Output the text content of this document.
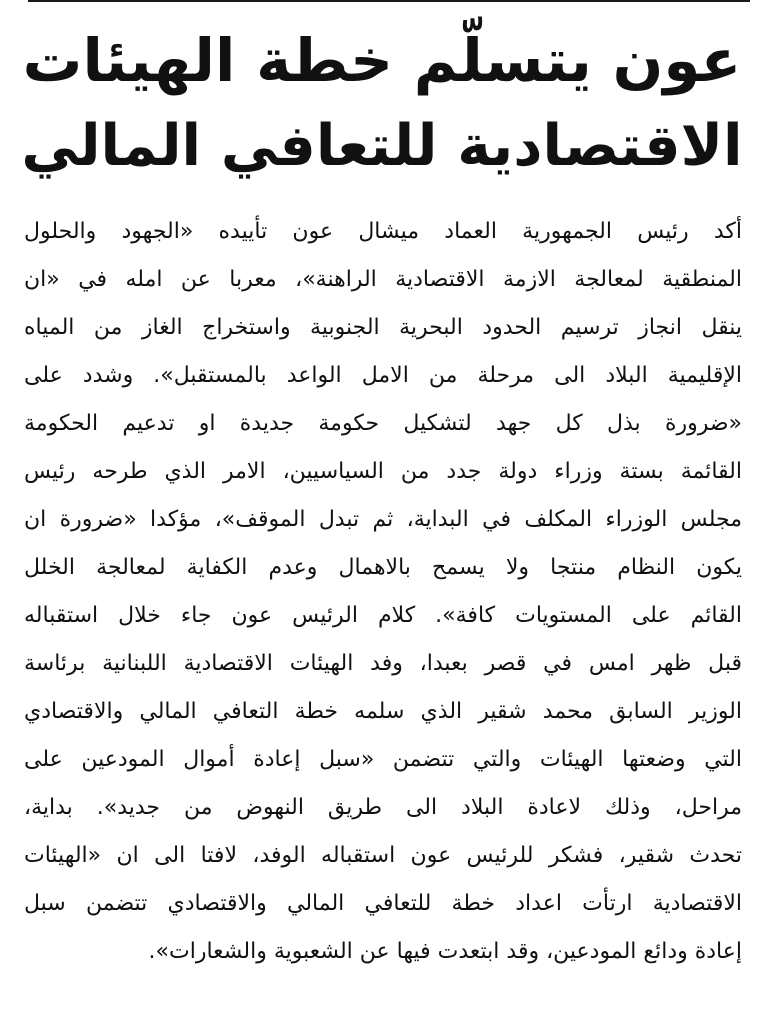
عون يتسلّم خطة الهيئات
الاقتصادية للتعافي المالي
أكد رئيس الجمهورية العماد ميشال عون تأييده «الجهود والحلول
المنطقية لمعالجة الازمة الاقتصادية الراهنة»، معربا عن امله في «ان
ينقل انجاز ترسيم الحدود البحرية الجنوبية واستخراج الغاز من المياه
الإقليمية البلاد الى مرحلة من الامل الواعد بالمستقبل». وشدد على
«ضرورة بذل كل جهد لتشكيل حكومة جديدة او تدعيم الحكومة
القائمة بستة وزراء دولة جدد من السياسيين، الامر الذي طرحه رئيس
مجلس الوزراء المكلف في البداية، ثم تبدل الموقف»، مؤكدا «ضرورة ان
يكون النظام منتجا ولا يسمح بالاهمال وعدم الكفاية لمعالجة الخلل
القائم على المستويات كافة». كلام الرئيس عون جاء خلال استقباله
قبل ظهر امس في قصر بعبدا، وفد الهيئات الاقتصادية اللبنانية برئاسة
الوزير السابق محمد شقير الذي سلمه خطة التعافي المالي والاقتصادي
التي وضعتها الهيئات والتي تتضمن «سبل إعادة أموال المودعين على
مراحل، وذلك لاعادة البلاد الى طريق النهوض من جديد». بداية،
تحدث شقير، فشكر للرئيس عون استقباله الوفد، لافتا الى ان «الهيئات
الاقتصادية ارتأت اعداد خطة للتعافي المالي والاقتصادي تتضمن سبل
إعادة ودائع المودعين، وقد ابتعدت فيها عن الشعبوية والشعارات».
